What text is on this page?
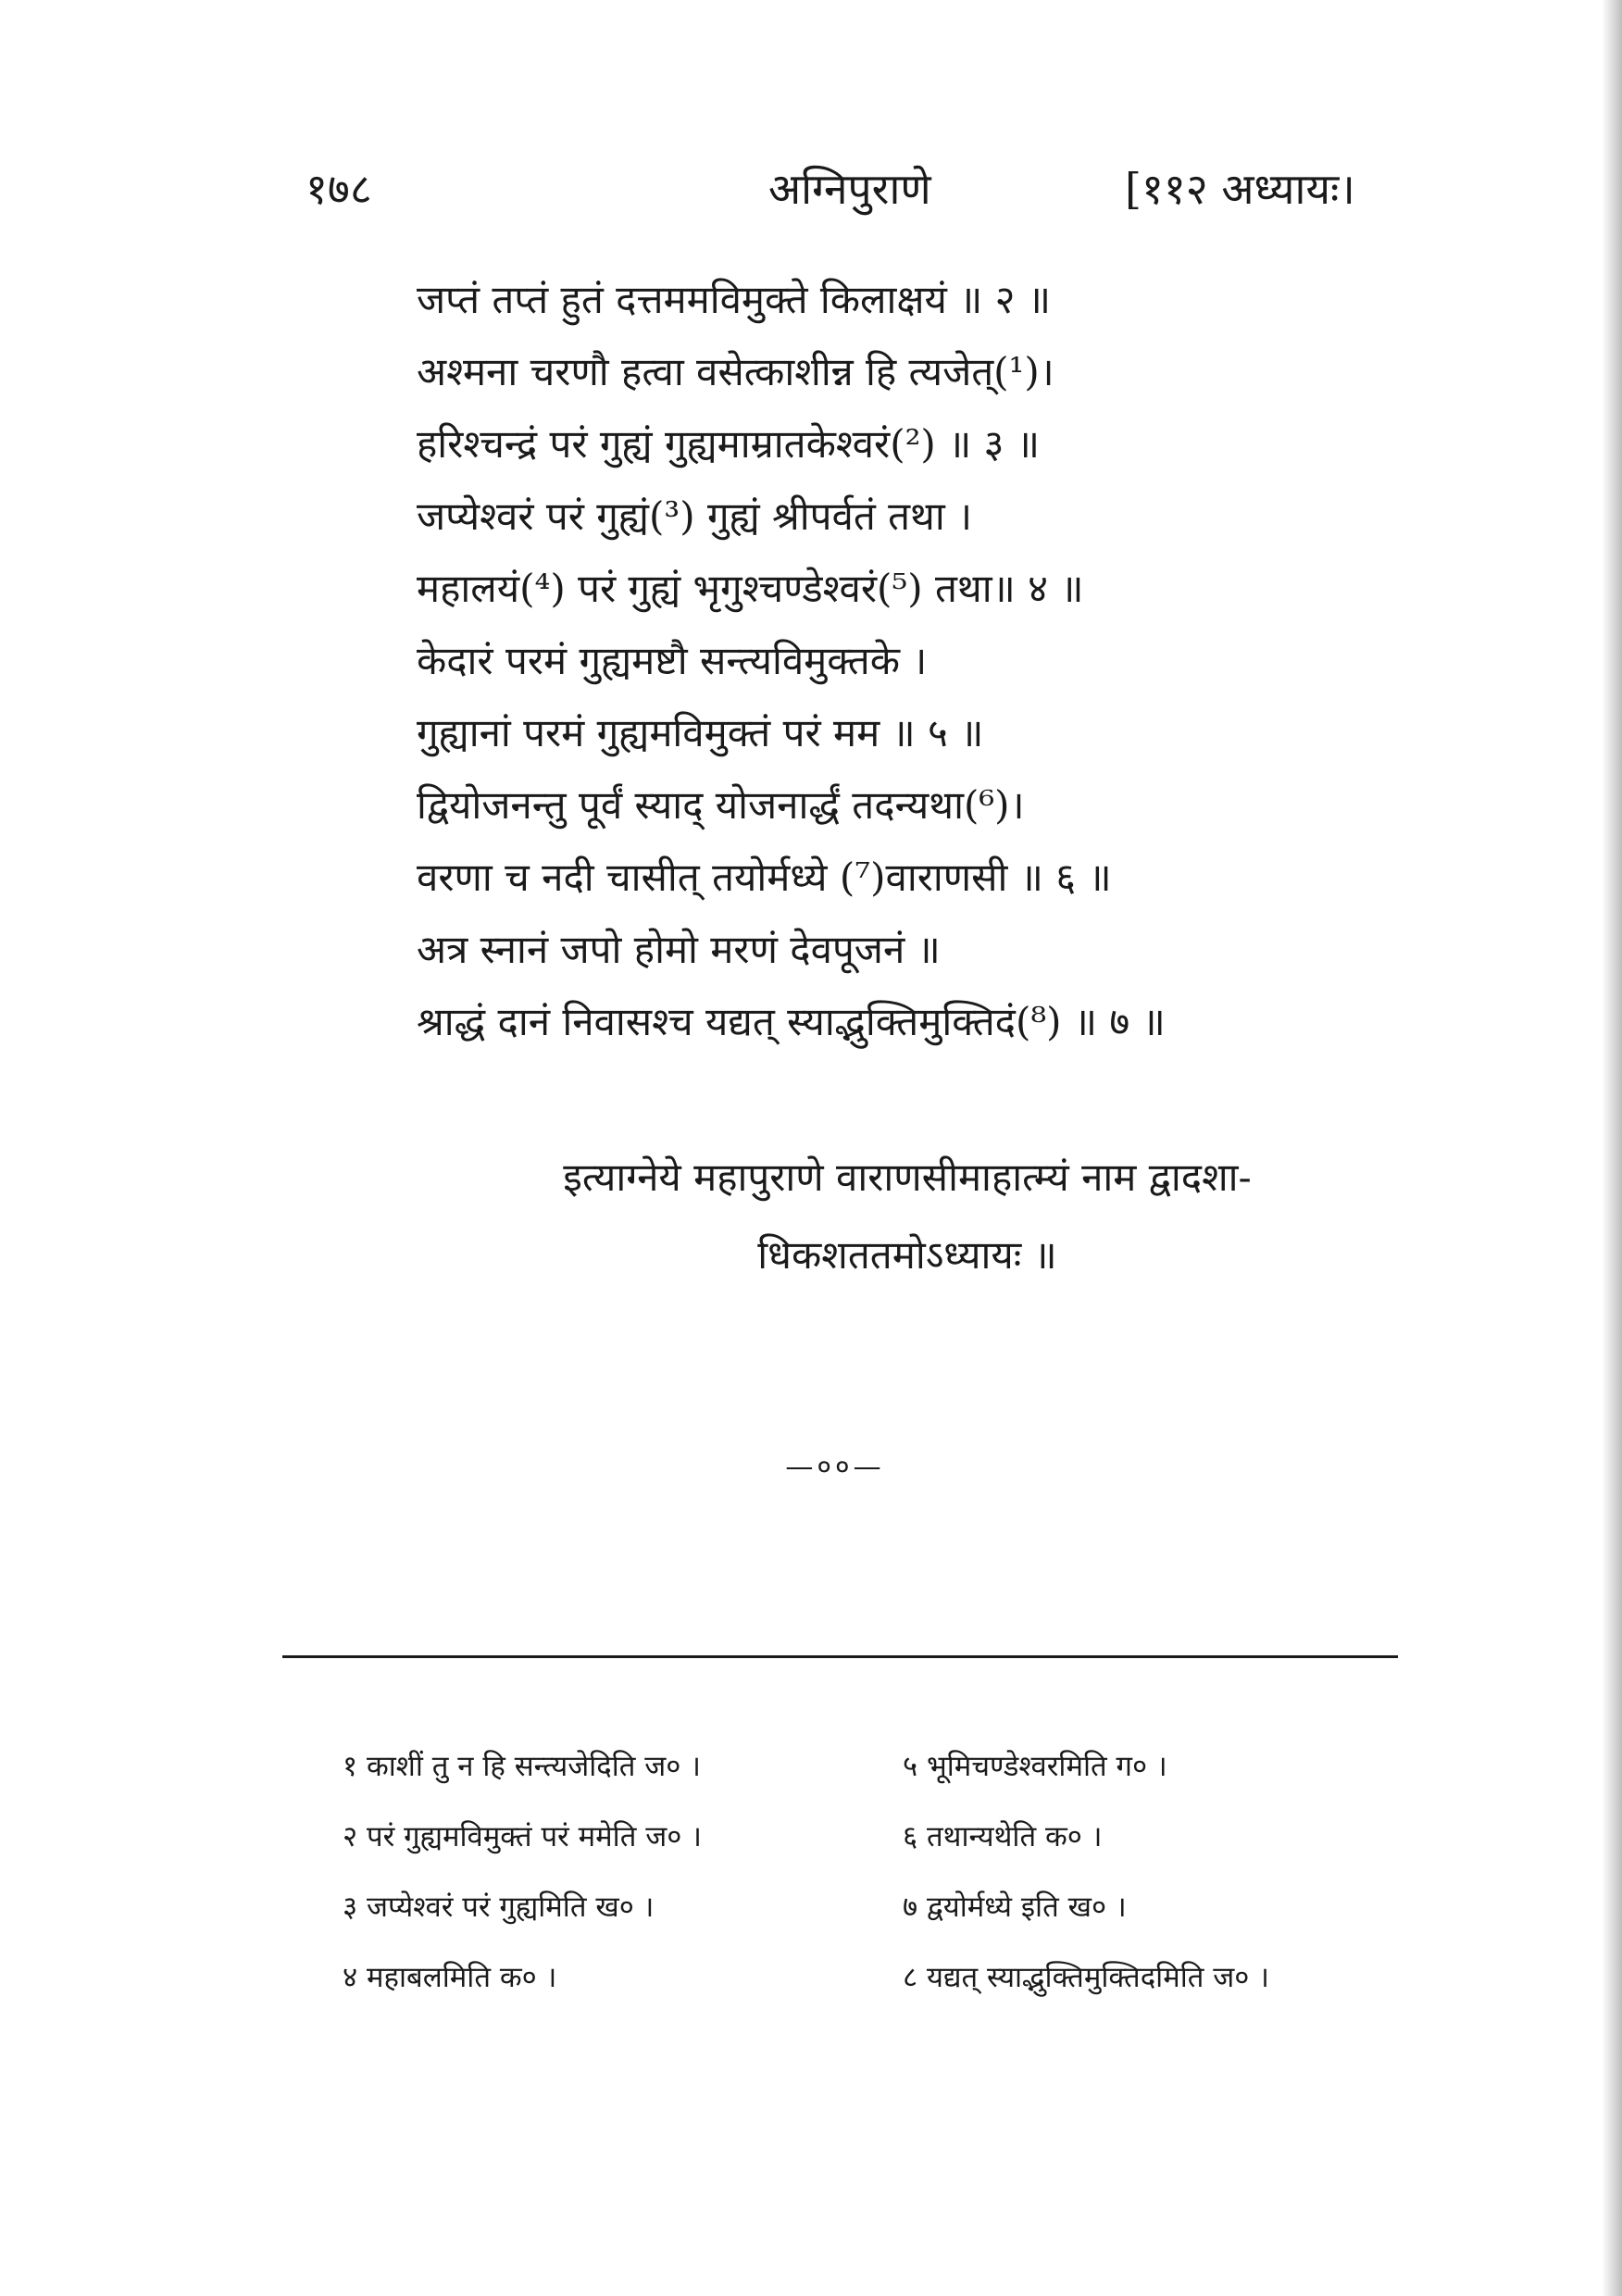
१७८	अग्निपुराणे	[११२ अध्यायः।
जप्तं तप्तं हुतं दत्तममविमुक्ते किलाक्षयं ॥ २ ॥
अश्मना चरणौ हत्वा वसेत्काशीन्न हि त्यजेत्(¹)।
हरिश्चन्द्रं परं गुह्यं गुह्यमाम्रातकेश्वरं(²) ॥ ३ ॥
जप्येश्वरं परं गुह्यं(³) गुह्यं श्रीपर्वतं तथा ।
महालयं(⁴) परं गुह्यं भृगुश्चण्डेश्वरं(⁵) तथा॥ ४ ॥
केदारं परमं गुह्यमष्टौ सन्त्यविमुक्तके ।
गुह्यानां परमं गुह्यमविमुक्तं परं मम ॥ ५ ॥
द्वियोजनन्तु पूर्वं स्याद् योजनार्द्धं तदन्यथा(⁶)।
वरणा च नदी चासीत् तयोर्मध्ये (⁷)वाराणसी ॥ ६ ॥
अत्र स्नानं जपो होमो मरणं देवपूजनं ॥
श्राद्धं दानं निवासश्च यद्यत् स्याद्भुक्तिमुक्तिदं(⁸) ॥ ७ ॥
इत्याग्नेये महापुराणे वाराणसीमाहात्म्यं नाम द्वादशा-
धिकशततमोऽध्यायः ॥
—००—
१ काशीं तु न हि सन्त्यजेदिति ज० ।
२ परं गुह्यमविमुक्तं परं ममेति ज० ।
३ जप्येश्वरं परं गुह्यमिति ख० ।
४ महाबलमिति क० ।
५ भूमिचण्डेश्वरमिति ग० ।
६ तथान्यथेति क० ।
७ द्वयोर्मध्ये इति ख० ।
८ यद्यत् स्याद्भुक्तिमुक्तिदमिति ज० ।
